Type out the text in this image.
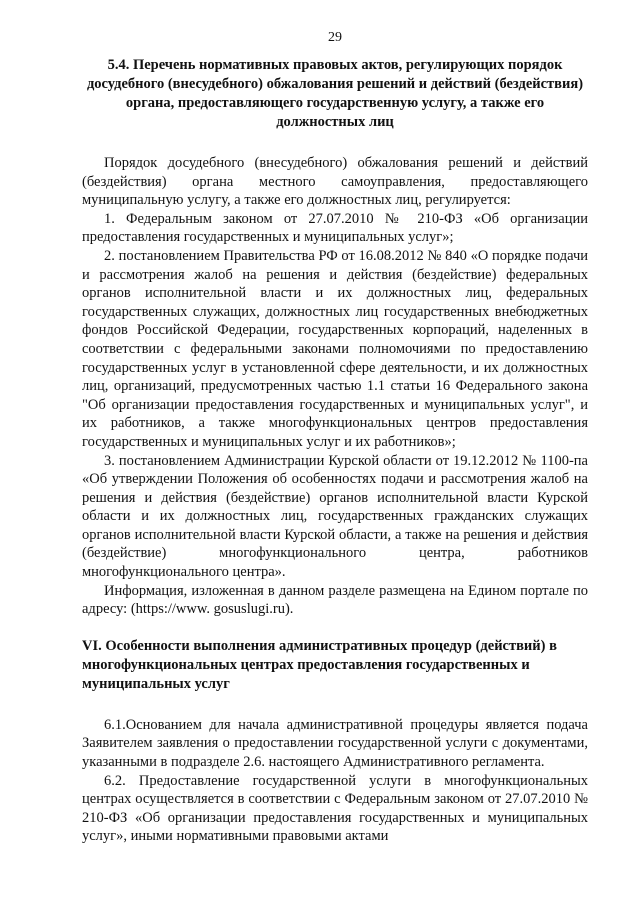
29
5.4. Перечень нормативных правовых актов, регулирующих порядок досудебного (внесудебного) обжалования решений и действий (бездействия) органа, предоставляющего государственную услугу, а также его должностных лиц

Порядок досудебного (внесудебного) обжалования решений и действий (бездействия) органа местного самоуправления, предоставляющего муниципальную услугу, а также его должностных лиц, регулируется:

1. Федеральным законом от 27.07.2010 № 210-ФЗ «Об организации предоставления государственных и муниципальных услуг»;

2. постановлением Правительства РФ от 16.08.2012 № 840 «О порядке подачи и рассмотрения жалоб на решения и действия (бездействие) федеральных органов исполнительной власти и их должностных лиц, федеральных государственных служащих, должностных лиц государственных внебюджетных фондов Российской Федерации, государственных корпораций, наделенных в соответствии с федеральными законами полномочиями по предоставлению государственных услуг в установленной сфере деятельности, и их должностных лиц, организаций, предусмотренных частью 1.1 статьи 16 Федерального закона "Об организации предоставления государственных и муниципальных услуг", и их работников, а также многофункциональных центров предоставления государственных и муниципальных услуг и их работников»;

3. постановлением Администрации Курской области от 19.12.2012 № 1100-па «Об утверждении Положения об особенностях подачи и рассмотрения жалоб на решения и действия (бездействие) органов исполнительной власти Курской области и их должностных лиц, государственных гражданских служащих органов исполнительной власти Курской области, а также на решения и действия (бездействие) многофункционального центра, работников многофункционального центра».

Информация, изложенная в данном разделе размещена на Едином портале по адресу: (https://www. gosuslugi.ru).

VI. Особенности выполнения административных процедур (действий) в многофункциональных центрах предоставления государственных и муниципальных услуг

6.1.Основанием для начала административной процедуры является подача Заявителем заявления о предоставлении государственной услуги с документами, указанными в подразделе 2.6. настоящего Административного регламента.

6.2. Предоставление государственной услуги в многофункциональных центрах осуществляется в соответствии с Федеральным законом от 27.07.2010 № 210-ФЗ «Об организации предоставления государственных и муниципальных услуг», иными нормативными правовыми актами
